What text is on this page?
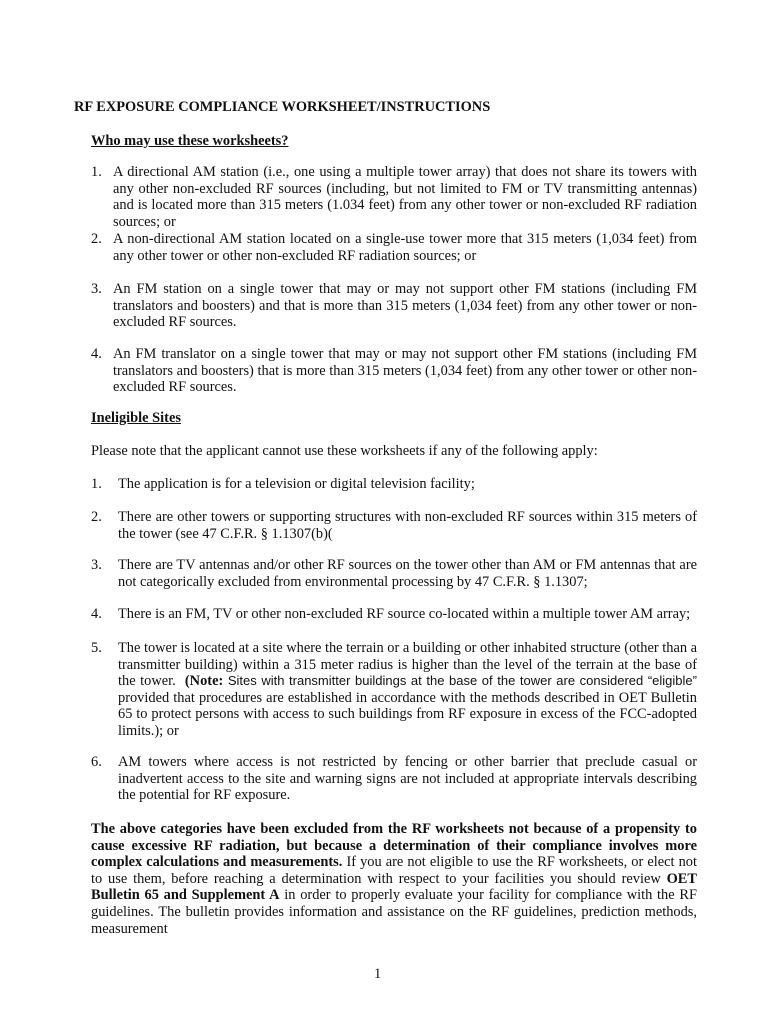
RF EXPOSURE COMPLIANCE WORKSHEET/INSTRUCTIONS
Who may use these worksheets?
1. A directional AM station (i.e., one using a multiple tower array) that does not share its towers with any other non-excluded RF sources (including, but not limited to FM or TV transmitting antennas) and is located more than 315 meters (1.034 feet) from any other tower or non-excluded RF radiation sources; or
2. A non-directional AM station located on a single-use tower more that 315 meters (1,034 feet) from any other tower or other non-excluded RF radiation sources; or
3. An FM station on a single tower that may or may not support other FM stations (including FM translators and boosters) and that is more than 315 meters (1,034 feet) from any other tower or non-excluded RF sources.
4. An FM translator on a single tower that may or may not support other FM stations (including FM translators and boosters) that is more than 315 meters (1,034 feet) from any other tower or other non-excluded RF sources.
Ineligible Sites

Please note that the applicant cannot use these worksheets if any of the following apply:

1. The application is for a television or digital television facility;
2. There are other towers or supporting structures with non-excluded RF sources within 315 meters of the tower (see 47 C.F.R. § 1.1307(b)(
3. There are TV antennas and/or other RF sources on the tower other than AM or FM antennas that are not categorically excluded from environmental processing by 47 C.F.R. § 1.1307;
4. There is an FM, TV or other non-excluded RF source co-located within a multiple tower AM array;
5. The tower is located at a site where the terrain or a building or other inhabited structure (other than a transmitter building) within a 315 meter radius is higher than the level of the terrain at the base of the tower. (Note: Sites with transmitter buildings at the base of the tower are considered “eligible” provided that procedures are established in accordance with the methods described in OET Bulletin 65 to protect persons with access to such buildings from RF exposure in excess of the FCC-adopted limits.); or
6. AM towers where access is not restricted by fencing or other barrier that preclude casual or inadvertent access to the site and warning signs are not included at appropriate intervals describing the potential for RF exposure.

The above categories have been excluded from the RF worksheets not because of a propensity to cause excessive RF radiation, but because a determination of their compliance involves more complex calculations and measurements. If you are not eligible to use the RF worksheets, or elect not to use them, before reaching a determination with respect to your facilities you should review OET Bulletin 65 and Supplement A in order to properly evaluate your facility for compliance with the RF guidelines. The bulletin provides information and assistance on the RF guidelines, prediction methods, measurement

1
